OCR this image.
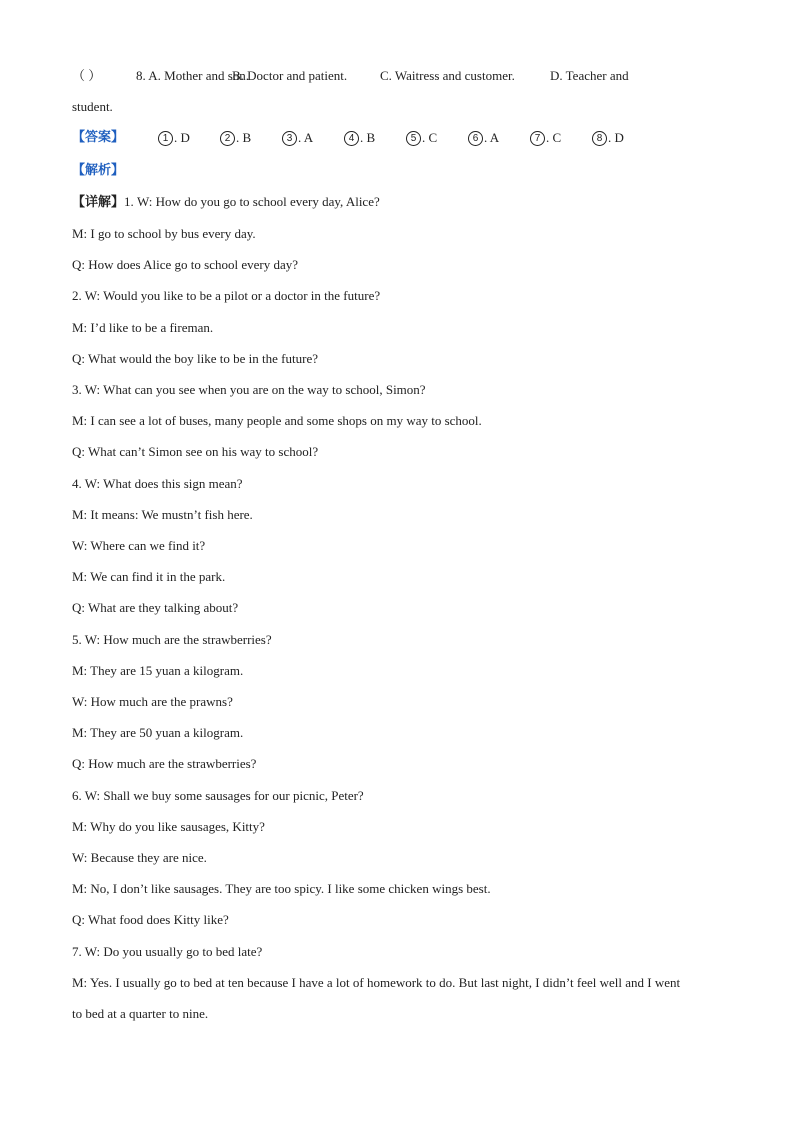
（ ）	8. A. Mother and son.
B. Doctor and patient.	C. Waitress and customer.	D. Teacher and
student.
【答案】	1 . D	2 . B	3 . A	4 . B	5 . C	6 . A	7 . C	8 . D
【解析】
【详解】1. W: How do you go to school every day, Alice?
M: I go to school by bus every day.
Q: How does Alice go to school every day?
2. W: Would you like to be a pilot or a doctor in the future?
M: I’d like to be a fireman.
Q: What would the boy like to be in the future?
3. W: What can you see when you are on the way to school, Simon?
M: I can see a lot of buses, many people and some shops on my way to school.
Q: What can’t Simon see on his way to school?
4. W: What does this sign mean?
M: It means: We mustn’t fish here.
W: Where can we find it?
M: We can find it in the park.
Q: What are they talking about?
5. W: How much are the strawberries?
M: They are 15 yuan a kilogram.
W: How much are the prawns?
M: They are 50 yuan a kilogram.
Q: How much are the strawberries?
6. W: Shall we buy some sausages for our picnic, Peter?
M: Why do you like sausages, Kitty?
W: Because they are nice.
M: No, I don’t like sausages. They are too spicy. I like some chicken wings best.
Q: What food does Kitty like?
7. W: Do you usually go to bed late?
M: Yes. I usually go to bed at ten because I have a lot of homework to do. But last night, I didn’t feel well and I went
to bed at a quarter to nine.
